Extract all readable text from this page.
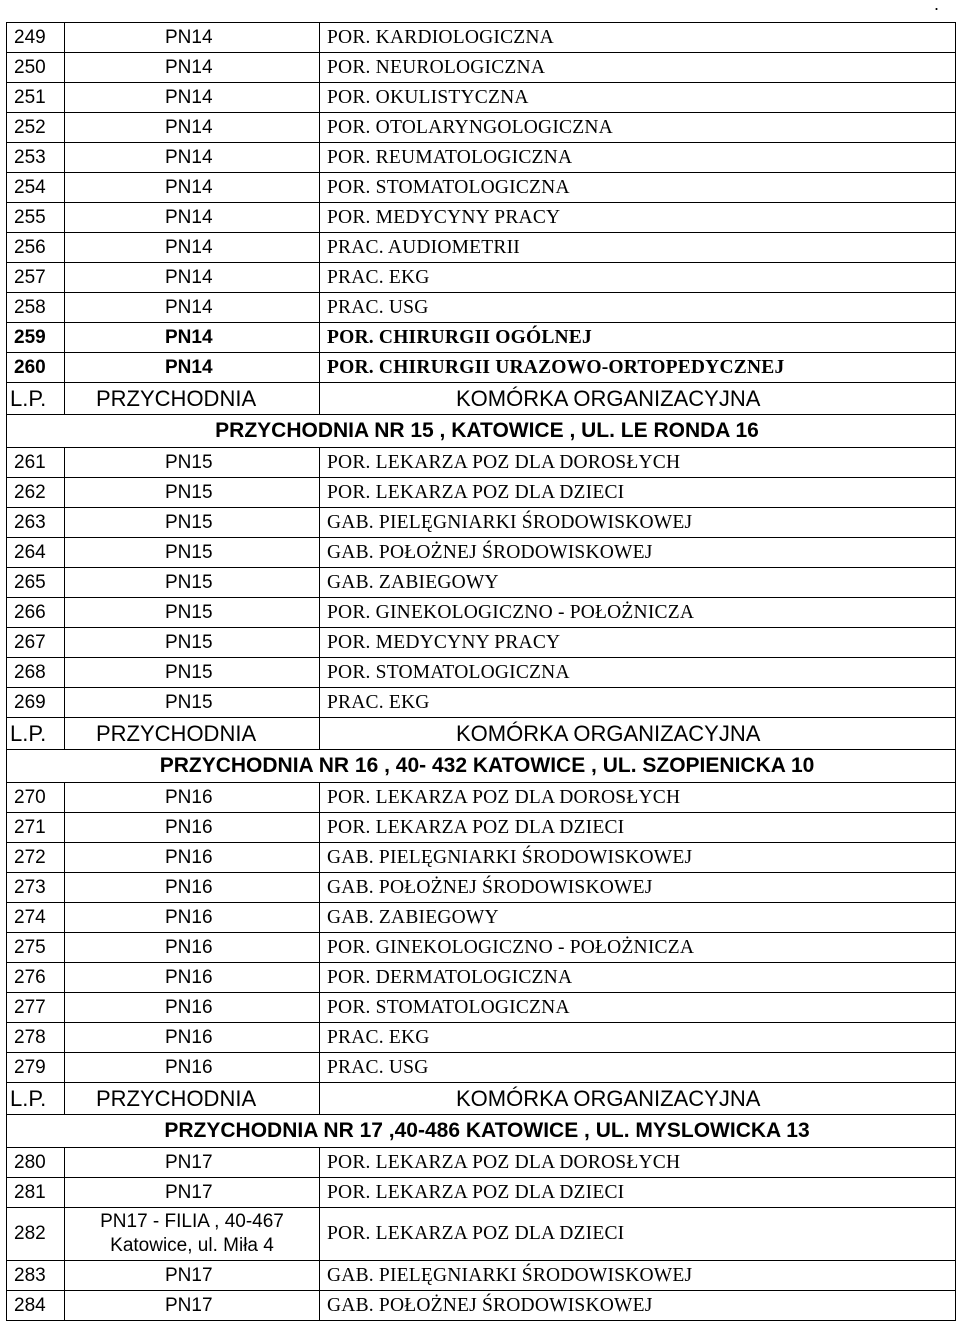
.
249	PN14	POR. KARDIOLOGICZNA
250	PN14	POR. NEUROLOGICZNA
251	PN14	POR. OKULISTYCZNA
252	PN14	POR. OTOLARYNGOLOGICZNA
253	PN14	POR. REUMATOLOGICZNA
254	PN14	POR. STOMATOLOGICZNA
255	PN14	POR. MEDYCYNY PRACY
256	PN14	PRAC. AUDIOMETRII
257	PN14	PRAC. EKG
258	PN14	PRAC. USG
259	PN14	POR. CHIRURGII OGÓLNEJ
260	PN14	POR. CHIRURGII URAZOWO-ORTOPEDYCZNEJ
L.P.	PRZYCHODNIA	KOMÓRKA ORGANIZACYJNA

PRZYCHODNIA NR 15 , KATOWICE , UL. LE RONDA 16		

261	PN15	POR. LEKARZA POZ DLA DOROSŁYCH
262	PN15	POR. LEKARZA POZ DLA DZIECI
263	PN15	GAB. PIELĘGNIARKI ŚRODOWISKOWEJ
264	PN15	GAB. POŁOŻNEJ ŚRODOWISKOWEJ
265	PN15	GAB. ZABIEGOWY
266	PN15	POR. GINEKOLOGICZNO - POŁOŻNICZA
267	PN15	POR. MEDYCYNY PRACY
268	PN15	POR. STOMATOLOGICZNA
269	PN15	PRAC. EKG
L.P.	PRZYCHODNIA	KOMÓRKA ORGANIZACYJNA

PRZYCHODNIA NR 16 , 40- 432 KATOWICE , UL. SZOPIENICKA 10		

270	PN16	POR. LEKARZA POZ DLA DOROSŁYCH
271	PN16	POR. LEKARZA POZ DLA DZIECI
272	PN16	GAB. PIELĘGNIARKI ŚRODOWISKOWEJ
273	PN16	GAB. POŁOŻNEJ ŚRODOWISKOWEJ
274	PN16	GAB. ZABIEGOWY
275	PN16	POR. GINEKOLOGICZNO - POŁOŻNICZA
276	PN16	POR. DERMATOLOGICZNA
277	PN16	POR. STOMATOLOGICZNA
278	PN16	PRAC. EKG
279	PN16	PRAC. USG
L.P.	PRZYCHODNIA	KOMÓRKA ORGANIZACYJNA

PRZYCHODNIA NR 17 ,40-486 KATOWICE , UL. MYSLOWICKA 13		

280	PN17	POR. LEKARZA POZ DLA DOROSŁYCH
281	PN17	POR. LEKARZA POZ DLA DZIECI
282	PN17 - FILIA , 40-467 Katowice, ul. Miła 4	POR. LEKARZA POZ DLA DZIECI
283	PN17	GAB. PIELĘGNIARKI ŚRODOWISKOWEJ
284	PN17	GAB. POŁOŻNEJ ŚRODOWISKOWEJ
